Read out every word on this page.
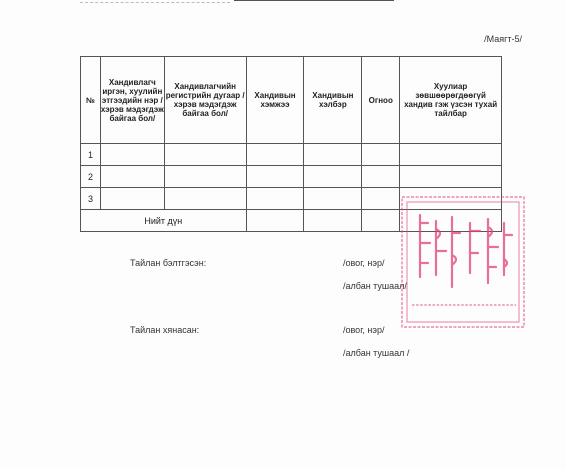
/Маягт-5/
№	Хандивлагч иргэн, хуулийн этгээдийн нэр /хэрэв мэдэгдэж байгаа бол/	Хандивлагчийн регистрийн дугаар /хэрэв мэдэгдэж байгаа бол/	Хандивын хэмжээ	Хандивын хэлбэр	Огноо	Хуулиар зөвшөөрөгдөөгүй хандив гэж үзсэн тухай тайлбар
1						
2						
3						
Нийт дүн						
Тайлан бэлтгэсэн:	/овог, нэр/
/албан тушаал/
Тайлан хянасан:	/овог, нэр/
/албан тушаал /
